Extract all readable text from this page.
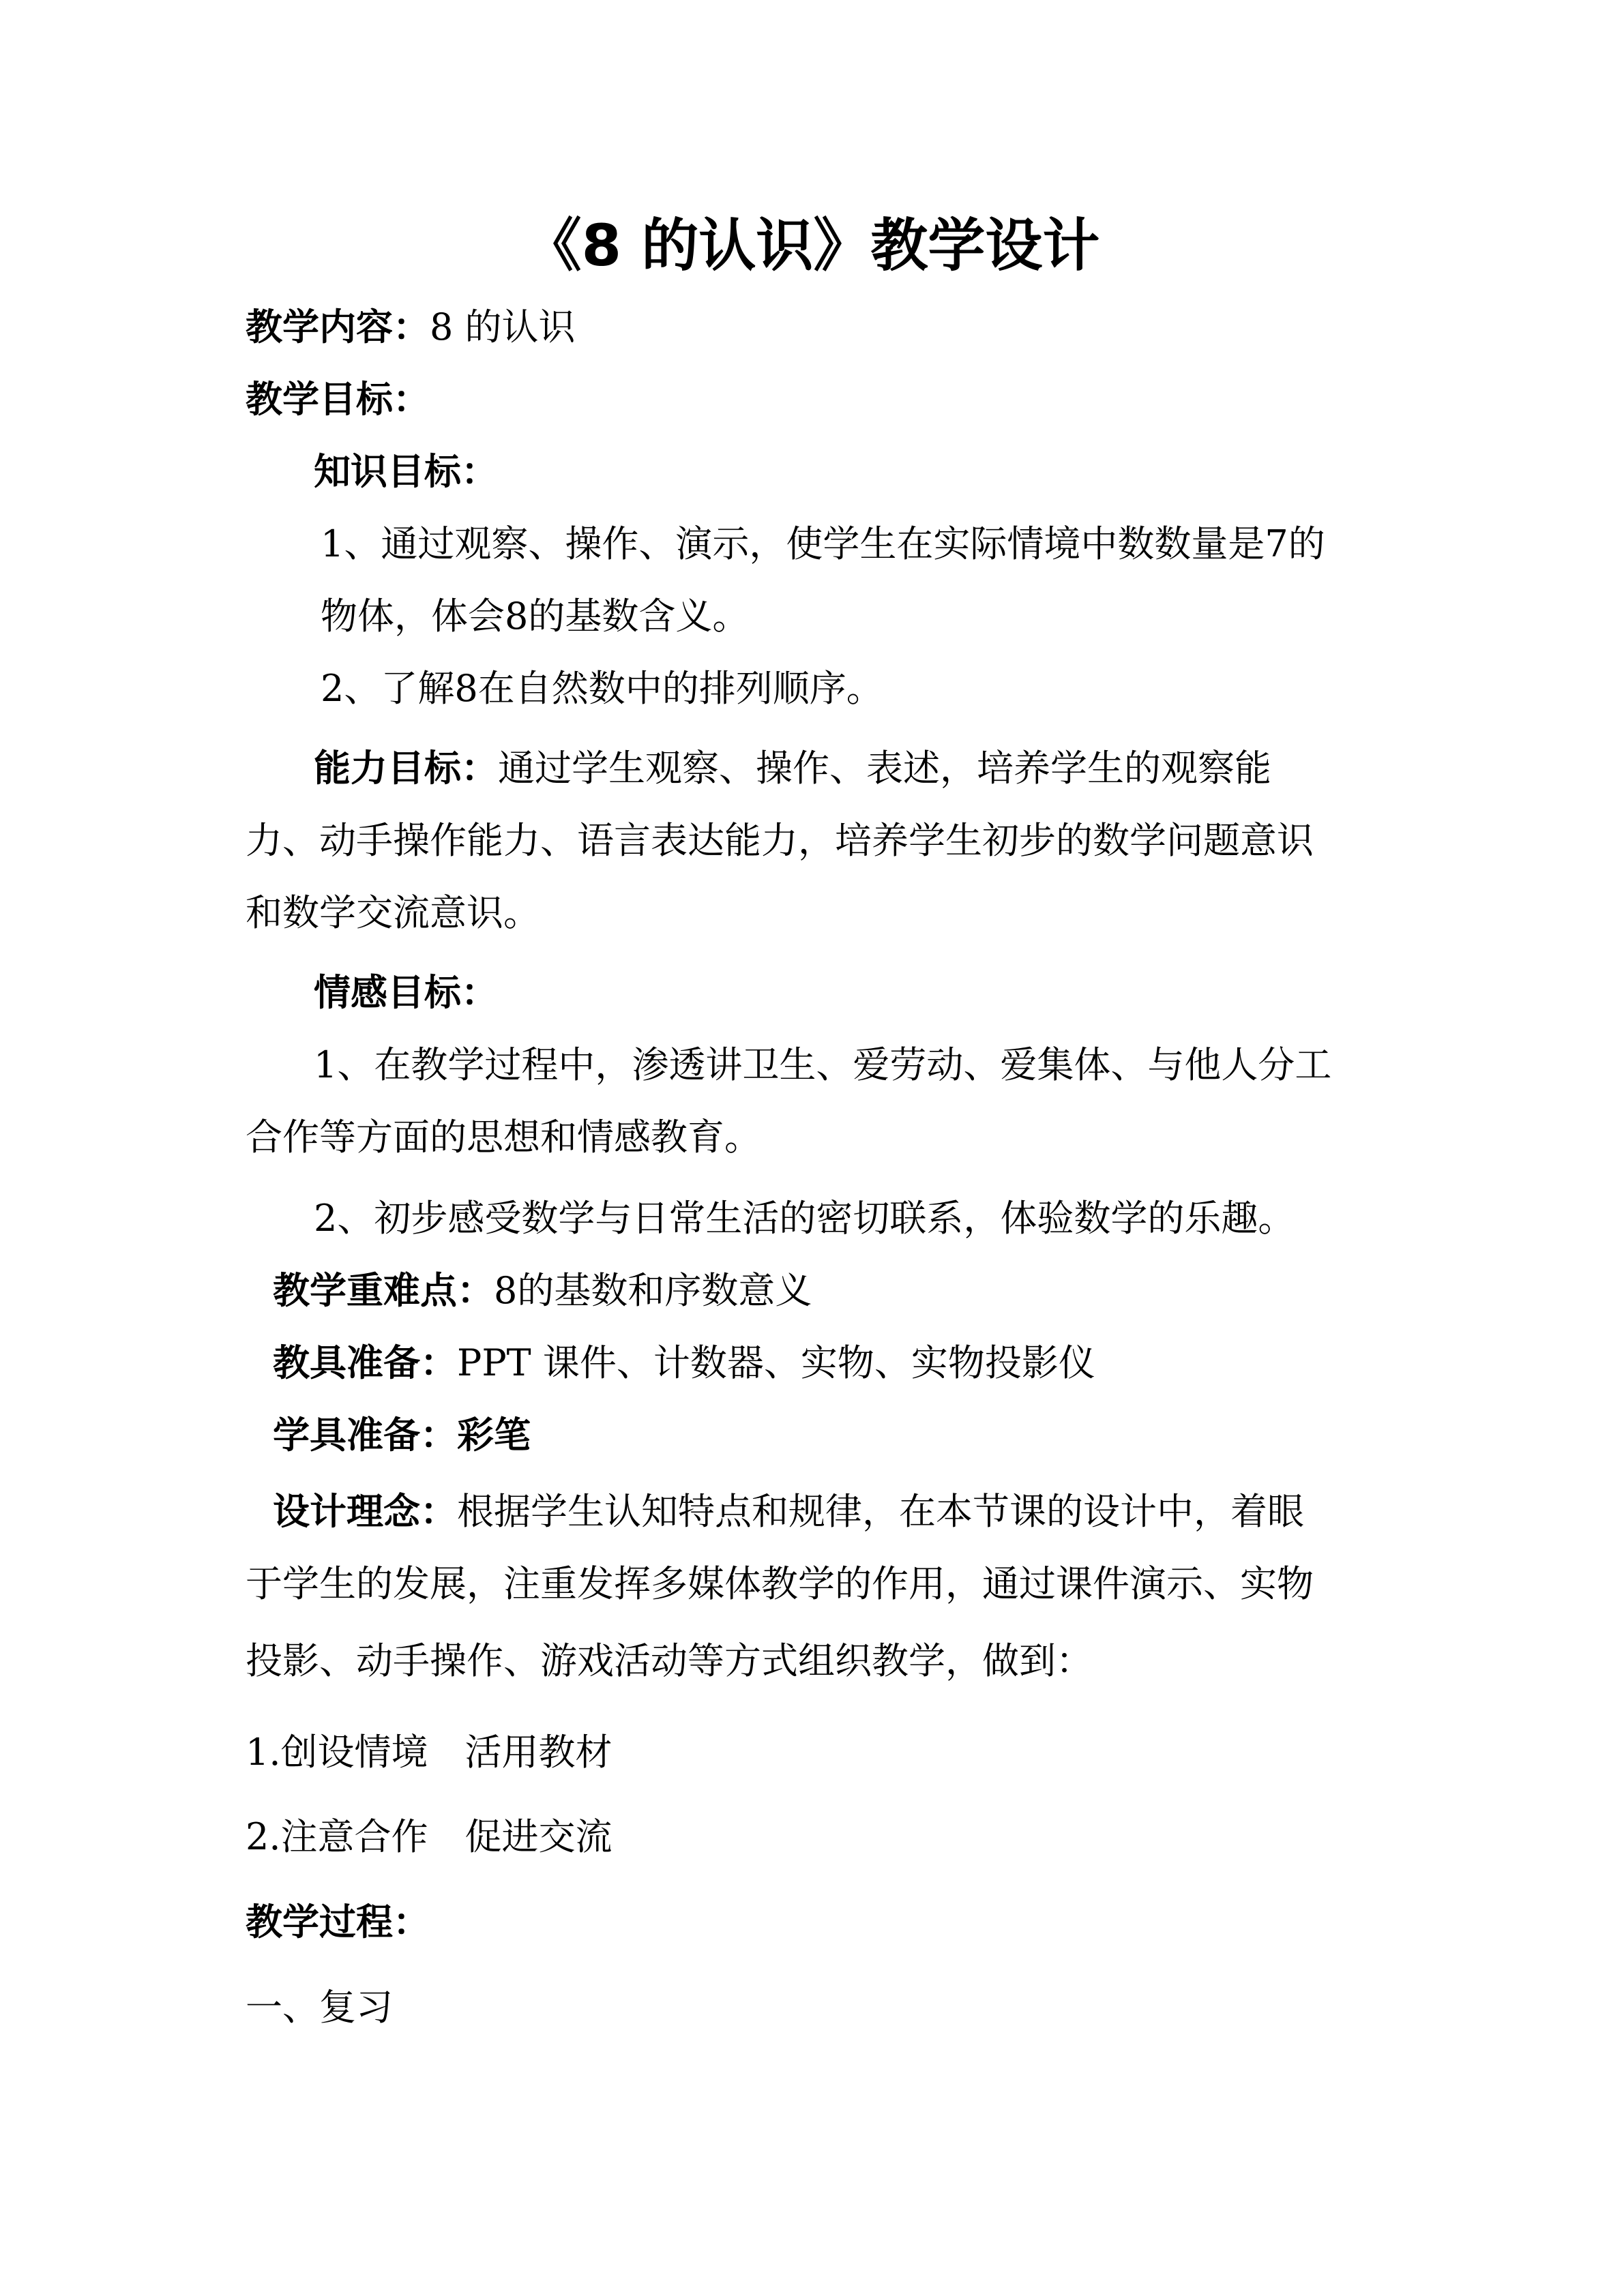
《8 的认识》教学设计

教学内容：8 的认识

教学目标：

知识目标：

1、通过观察、操作、演示，使学生在实际情境中数数量是7的

物体，体会8的基数含义。

2、了解8在自然数中的排列顺序。

能力目标：通过学生观察、操作、表述，培养学生的观察能

力、动手操作能力、语言表达能力，培养学生初步的数学问题意识

和数学交流意识。

情感目标：

1、在教学过程中，渗透讲卫生、爱劳动、爱集体、与他人分工

合作等方面的思想和情感教育。

2、初步感受数学与日常生活的密切联系，体验数学的乐趣。

教学重难点：8的基数和序数意义

教具准备：PPT 课件、计数器、实物、实物投影仪

学具准备：彩笔

设计理念：根据学生认知特点和规律，在本节课的设计中，着眼

于学生的发展，注重发挥多媒体教学的作用，通过课件演示、实物

投影、动手操作、游戏活动等方式组织教学，做到：

1.创设情境　活用教材

2.注意合作　促进交流

教学过程：

一、复习
